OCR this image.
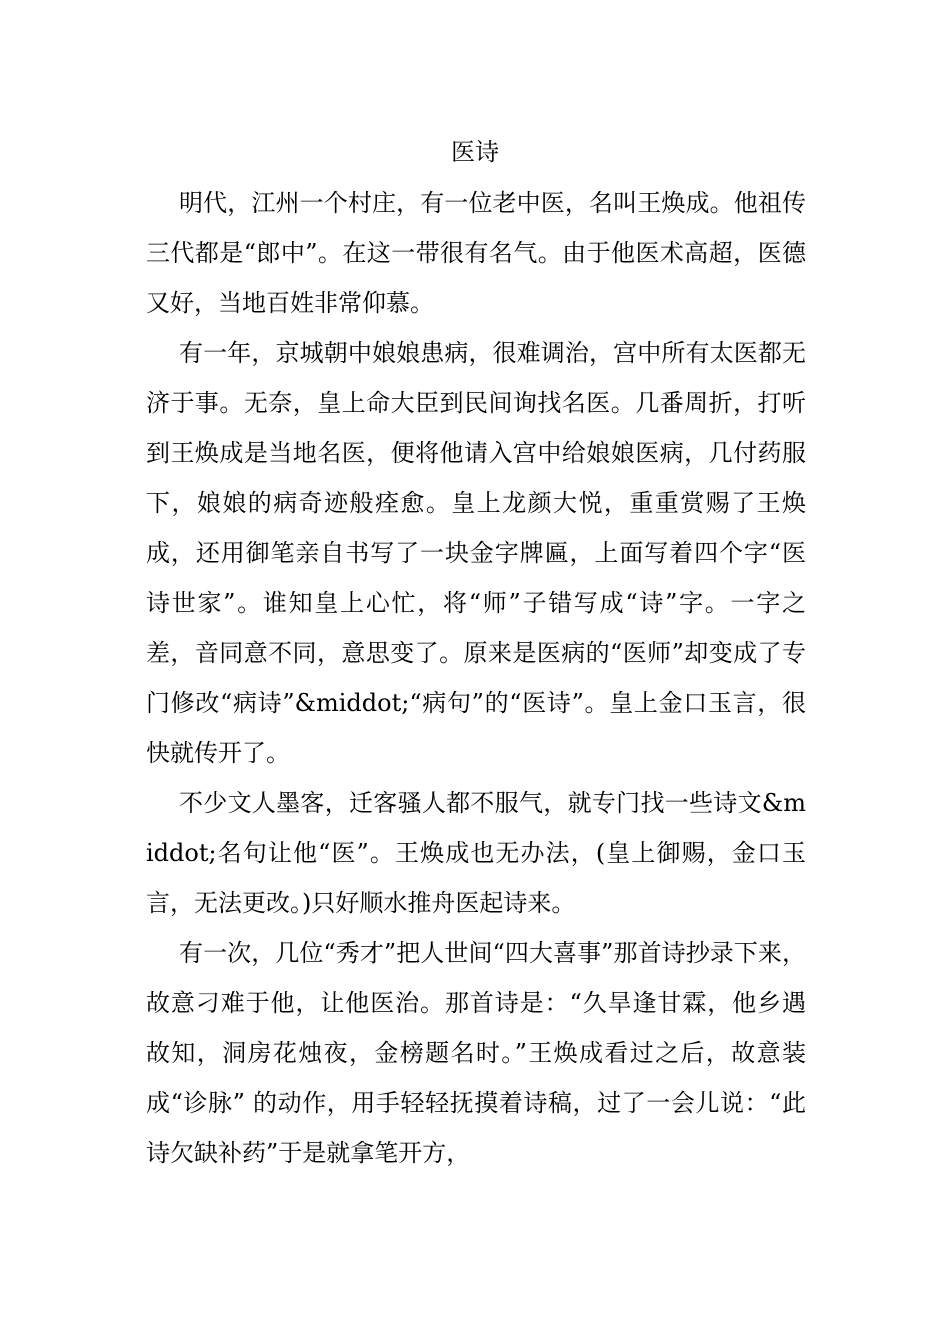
医诗

明代，江州一个村庄，有一位老中医，名叫王焕成。他祖传三代都是“郎中”。在这一带很有名气。由于他医术高超，医德又好，当地百姓非常仰慕。

有一年，京城朝中娘娘患病，很难调治，宫中所有太医都无济于事。无奈，皇上命大臣到民间询找名医。几番周折，打听到王焕成是当地名医，便将他请入宫中给娘娘医病，几付药服下，娘娘的病奇迹般痊愈。皇上龙颜大悦，重重赏赐了王焕成，还用御笔亲自书写了一块金字牌匾，上面写着四个字“医诗世家”。谁知皇上心忙，将“师”子错写成“诗”字。一字之差，音同意不同，意思变了。原来是医病的“医师”却变成了专门修改“病诗”&middot;“病句”的“医诗”。皇上金口玉言，很快就传开了。

不少文人墨客，迁客骚人都不服气，就专门找一些诗文&middot;名句让他“医”。王焕成也无办法，(皇上御赐，金口玉言，无法更改。)只好顺水推舟医起诗来。

有一次，几位“秀才”把人世间“四大喜事”那首诗抄录下来，故意刁难于他，让他医治。那首诗是：“久旱逢甘霖，他乡遇故知，洞房花烛夜，金榜题名时。”王焕成看过之后，故意装成“诊脉” 的动作，用手轻轻抚摸着诗稿，过了一会儿说：“此诗欠缺补药”于是就拿笔开方，
